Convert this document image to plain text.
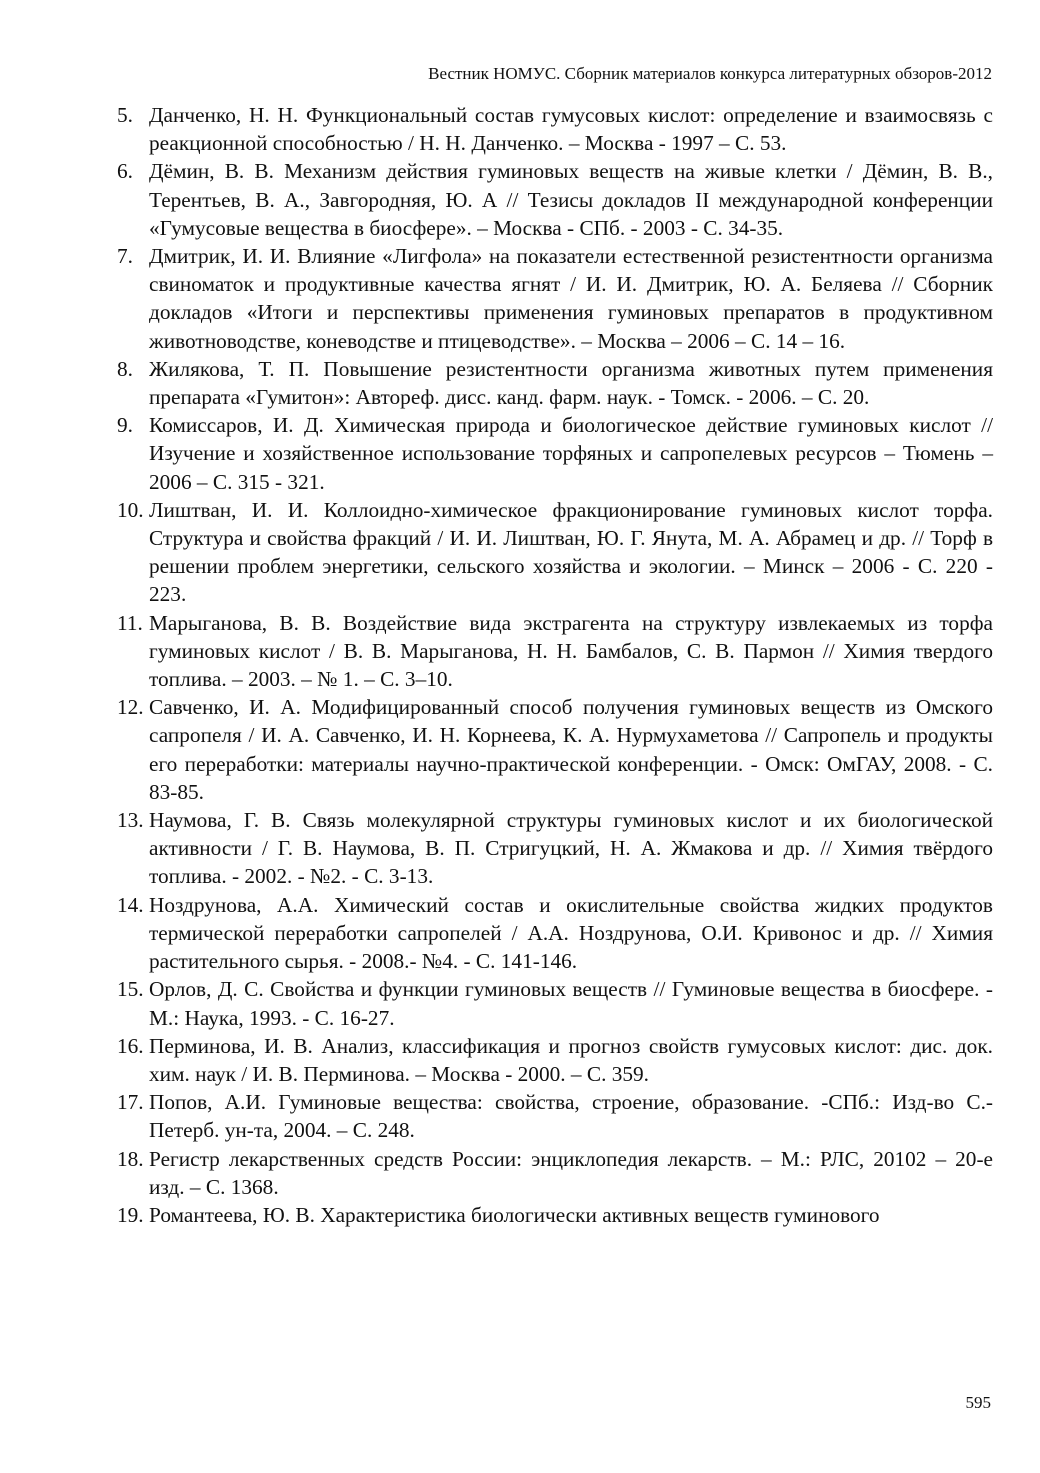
Вестник НОМУС. Сборник материалов конкурса литературных обзоров-2012
5. Данченко, Н. Н. Функциональный состав гумусовых кислот: определение и взаимосвязь с реакционной способностью / Н. Н. Данченко. – Москва - 1997 – С. 53.
6. Дёмин, В. В. Механизм действия гуминовых веществ на живые клетки / Дёмин, В. В., Терентьев, В. А., Завгородняя, Ю. А // Тезисы докладов II международной конференции «Гумусовые вещества в биосфере». – Москва - СПб. - 2003 - С. 34-35.
7. Дмитрик, И. И. Влияние «Лигфола» на показатели естественной резистентности организма свиноматок и продуктивные качества ягнят / И. И. Дмитрик, Ю. А. Беляева // Сборник докладов «Итоги и перспективы применения гуминовых препаратов в продуктивном животноводстве, коневодстве и птицеводстве». – Москва – 2006 – С. 14 – 16.
8. Жилякова, Т. П. Повышение резистентности организма животных путем применения препарата «Гумитон»: Автореф. дисс. канд. фарм. наук. - Томск. - 2006. – С. 20.
9. Комиссаров, И. Д. Химическая природа и биологическое действие гуминовых кислот // Изучение и хозяйственное использование торфяных и сапропелевых ресурсов – Тюмень – 2006 – С. 315 - 321.
10. Лиштван, И. И. Коллоидно-химическое фракционирование гуминовых кислот торфа. Структура и свойства фракций / И. И. Лиштван, Ю. Г. Янута, М. А. Абрамец и др. // Торф в решении проблем энергетики, сельского хозяйства и экологии. – Минск – 2006 - С. 220 - 223.
11. Марыганова, В. В. Воздействие вида экстрагента на структуру извлекаемых из торфа гуминовых кислот / В. В. Марыганова, Н. Н. Бамбалов, С. В. Пармон // Химия твердого топлива. – 2003. – № 1. – С. 3–10.
12. Савченко, И. А. Модифицированный способ получения гуминовых веществ из Омского сапропеля / И. А. Савченко, И. Н. Корнеева, К. А. Нурмухаметова // Сапропель и продукты его переработки: материалы научно-практической конференции. - Омск: ОмГАУ, 2008. - С. 83-85.
13. Наумова, Г. В. Связь молекулярной структуры гуминовых кислот и их биологической активности / Г. В. Наумова, В. П. Стригуцкий, Н. А. Жмакова и др. // Химия твёрдого топлива. - 2002. - №2. - С. 3-13.
14. Ноздрунова, А.А. Химический состав и окислительные свойства жидких продуктов термической переработки сапропелей / А.А. Ноздрунова, О.И. Кривонос и др. // Химия растительного сырья. - 2008.- №4. - С. 141-146.
15. Орлов, Д. С. Свойства и функции гуминовых веществ // Гуминовые вещества в биосфере. - М.: Наука, 1993. - С. 16-27.
16. Перминова, И. В. Анализ, классификация и прогноз свойств гумусовых кислот: дис. док. хим. наук / И. В. Перминова. – Москва - 2000. – С. 359.
17. Попов, А.И. Гуминовые вещества: свойства, строение, образование. -СПб.: Изд-во С.-Петерб. ун-та, 2004. – С. 248.
18. Регистр лекарственных средств России: энциклопедия лекарств. – М.: РЛС, 20102 – 20-е изд. – С. 1368.
19. Романтеева, Ю. В. Характеристика биологически активных веществ гуминового
595
